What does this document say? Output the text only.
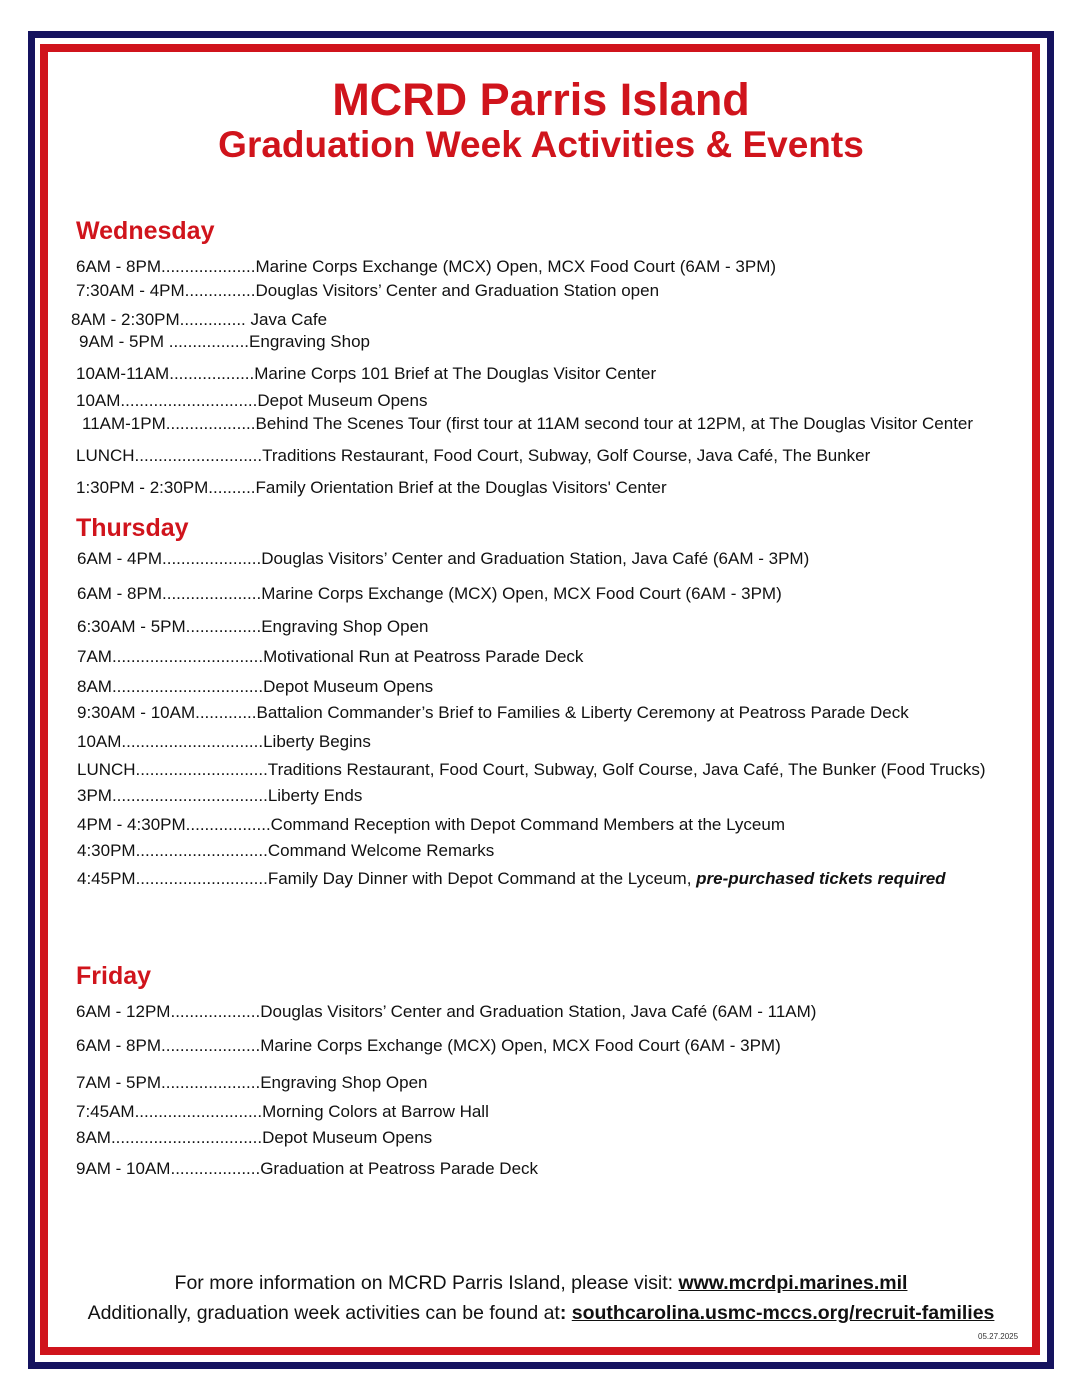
MCRD Parris Island
Graduation Week Activities & Events
Wednesday
6AM - 8PM....................Marine Corps Exchange (MCX) Open, MCX Food Court (6AM - 3PM)
7:30AM - 4PM...............Douglas Visitors’ Center and Graduation Station open
8AM - 2:30PM.............. Java Cafe
9AM - 5PM .................Engraving Shop
10AM-11AM..................Marine Corps 101 Brief at The Douglas Visitor Center
10AM.............................Depot Museum Opens
11AM-1PM...................Behind The Scenes Tour (first tour at 11AM second tour at 12PM, at The Douglas Visitor Center
LUNCH...........................Traditions Restaurant, Food Court, Subway, Golf Course, Java Café, The Bunker
1:30PM - 2:30PM..........Family Orientation Brief at the Douglas Visitors' Center
Thursday
6AM - 4PM.....................Douglas Visitors’ Center and Graduation Station, Java Café (6AM - 3PM)
6AM - 8PM.....................Marine Corps Exchange (MCX) Open, MCX Food Court (6AM - 3PM)
6:30AM - 5PM................Engraving Shop Open
7AM................................Motivational Run at Peatross Parade Deck
8AM................................Depot Museum Opens
9:30AM - 10AM.............Battalion Commander’s Brief to Families & Liberty Ceremony at Peatross Parade Deck
10AM..............................Liberty Begins
LUNCH............................Traditions Restaurant, Food Court, Subway, Golf Course, Java Café, The Bunker (Food Trucks)
3PM.................................Liberty Ends
4PM - 4:30PM..................Command Reception with Depot Command Members at the Lyceum
4:30PM............................Command Welcome Remarks
4:45PM............................Family Day Dinner with Depot Command at the Lyceum, pre-purchased tickets required
Friday
6AM - 12PM...................Douglas Visitors’ Center and Graduation Station, Java Café (6AM - 11AM)
6AM - 8PM.....................Marine Corps Exchange (MCX) Open, MCX Food Court (6AM - 3PM)
7AM - 5PM.....................Engraving Shop Open
7:45AM...........................Morning Colors at Barrow Hall
8AM................................Depot Museum Opens
9AM - 10AM...................Graduation at Peatross Parade Deck
For more information on MCRD Parris Island, please visit: www.mcrdpi.marines.mil
Additionally, graduation week activities can be found at: southcarolina.usmc-mccs.org/recruit-families
05.27.2025
